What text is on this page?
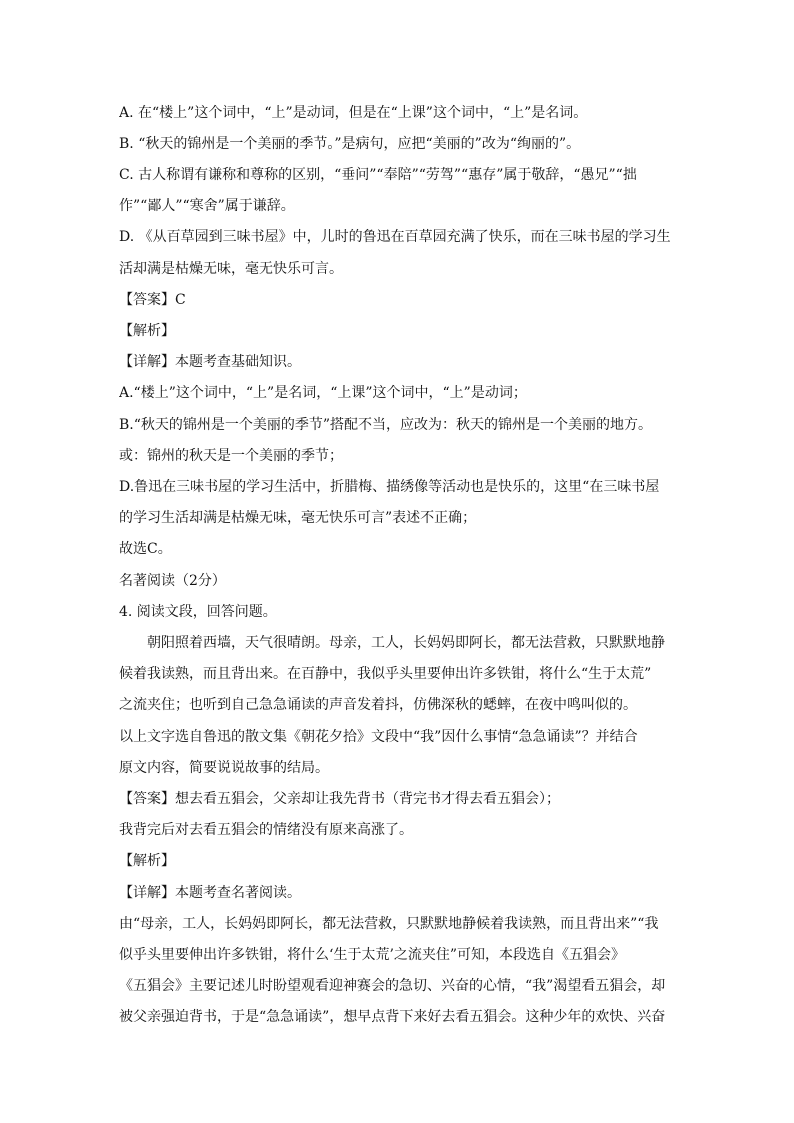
A. 在“楼上”这个词中，“上”是动词，但是在“上课”这个词中，“上”是名词。
B. “秋天的锦州是一个美丽的季节。”是病句，应把“美丽的”改为“绚丽的”。
C. 古人称谓有谦称和尊称的区别，“垂问”“奉陪”“劳驾”“惠存”属于敬辞，“愚兄”“拙
作”“鄙人”“寒舍”属于谦辞。
D. 《从百草园到三味书屋》中，儿时的鲁迅在百草园充满了快乐，而在三味书屋的学习生
活却满是枯燥无味，毫无快乐可言。
【答案】C
【解析】
【详解】本题考查基础知识。
A.“楼上”这个词中，“上”是名词，“上课”这个词中，“上”是动词；
B.“秋天的锦州是一个美丽的季节”搭配不当，应改为：秋天的锦州是一个美丽的地方。
或：锦州的秋天是一个美丽的季节；
D.鲁迅在三味书屋的学习生活中，折腊梅、描绣像等活动也是快乐的，这里“在三味书屋
的学习生活却满是枯燥无味，毫无快乐可言”表述不正确；
故选C。
名著阅读（2分）
4. 阅读文段，回答问题。
朝阳照着西墙，天气很晴朗。母亲，工人，长妈妈即阿长，都无法营救，只默默地静
候着我读熟，而且背出来。在百静中，我似乎头里要伸出许多铁钳，将什么“生于太荒”
之流夹住；也听到自己急急诵读的声音发着抖，仿佛深秋的蟋蟀，在夜中鸣叫似的。
以上文字选自鲁迅的散文集《朝花夕拾》文段中“我”因什么事情“急急诵读”？并结合
原文内容，简要说说故事的结局。
【答案】想去看五猖会，父亲却让我先背书（背完书才得去看五猖会）；
我背完后对去看五猖会的情绪没有原来高涨了。
【解析】
【详解】本题考查名著阅读。
由“母亲，工人，长妈妈即阿长，都无法营救，只默默地静候着我读熟，而且背出来”“我
似乎头里要伸出许多铁钳，将什么‘生于太荒’之流夹住”可知，本段选自《五猖会》
《五猖会》主要记述儿时盼望观看迎神赛会的急切、兴奋的心情，“我”渴望看五猖会，却
被父亲强迫背书，于是“急急诵读”，想早点背下来好去看五猖会。这种少年的欢快、兴奋
